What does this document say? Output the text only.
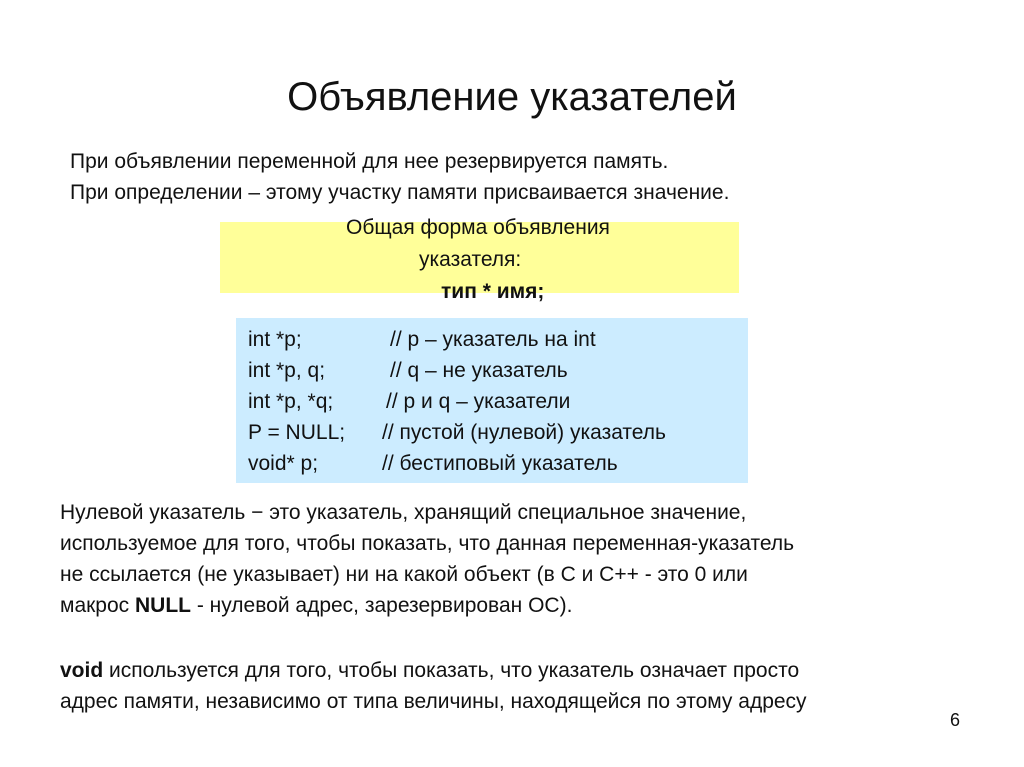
Объявление указателей
При объявлении переменной для нее резервируется память.
При определении – этому участку памяти присваивается значение.
Общая форма объявления
указателя:
тип * имя;
int *p;	// p – указатель на int
int *p, q;	// q – не указатель
int *p, *q;	// p и q – указатели
P = NULL; // пустой (нулевой) указатель
void* p;	// бестиповый указатель
Нулевой указатель − это указатель, хранящий специальное значение,
используемое для того, чтобы показать, что данная переменная-указатель
не ссылается (не указывает) ни на какой объект (в С и С++ - это 0 или
макрос NULL - нулевой адрес, зарезервирован ОС).
void используется для того, чтобы показать, что указатель означает просто
адрес памяти, независимо от типа величины, находящейся по этому адресу
6
